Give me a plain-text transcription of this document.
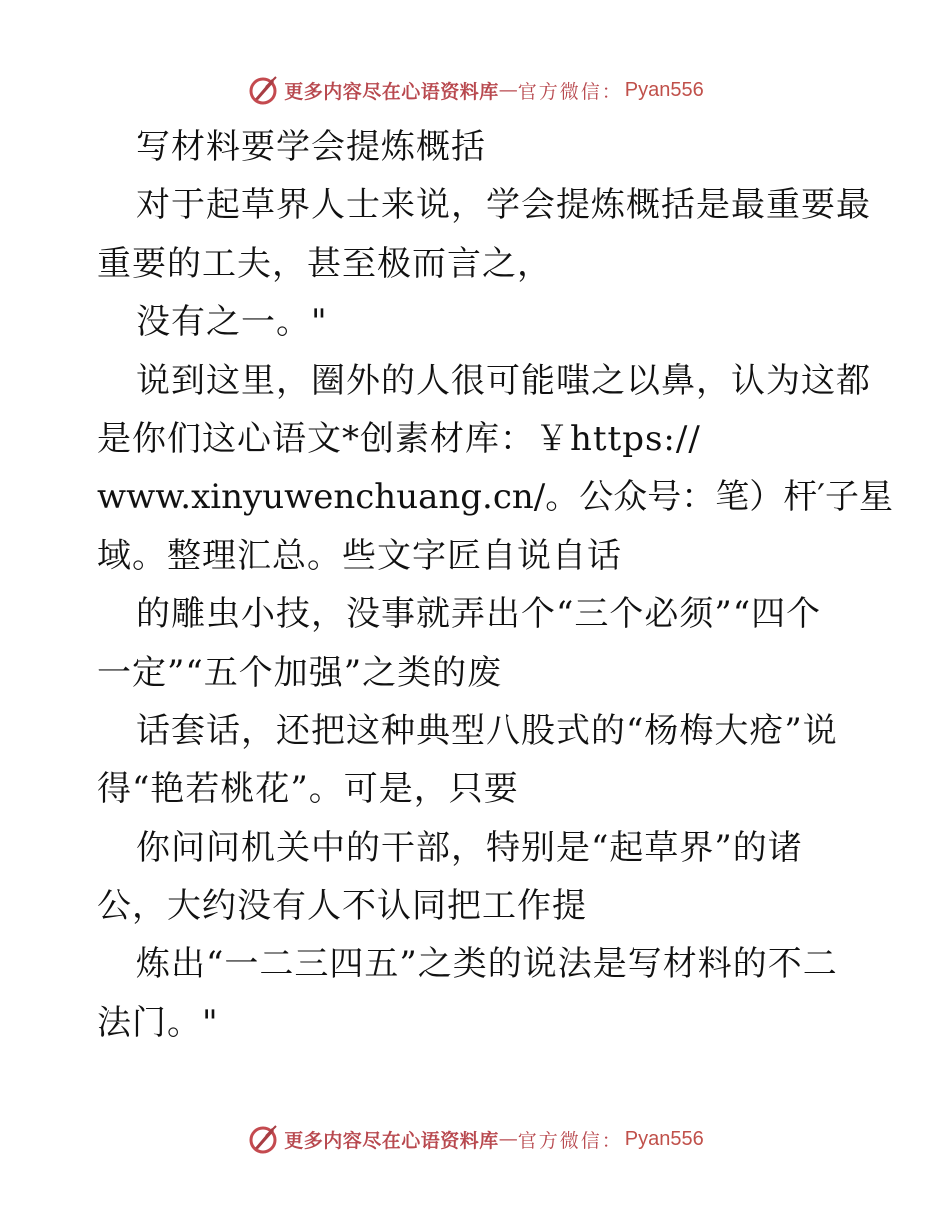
更多内容尽在心语资料库 — 官方微信： Pyan556
写材料要学会提炼概括
对于起草界人士来说，学会提炼概括是最重要最
重要的工夫，甚至极而言之，
没有之一。"
说到这里，圈外的人很可能嗤之以鼻，认为这都
是你们这心语文*创素材库：￥https://
www.xinyuwenchuang.cn/。公众号：笔）杆′子星
域。整理汇总。些文字匠自说自话
的雕虫小技，没事就弄出个“三个必须”“四个
一定”“五个加强”之类的废
话套话，还把这种典型八股式的“杨梅大疮”说
得“艳若桃花”。可是，只要
你问问机关中的干部，特别是“起草界”的诸
公，大约没有人不认同把工作提
炼出“一二三四五”之类的说法是写材料的不二
法门。"
更多内容尽在心语资料库 — 官方微信： Pyan556
